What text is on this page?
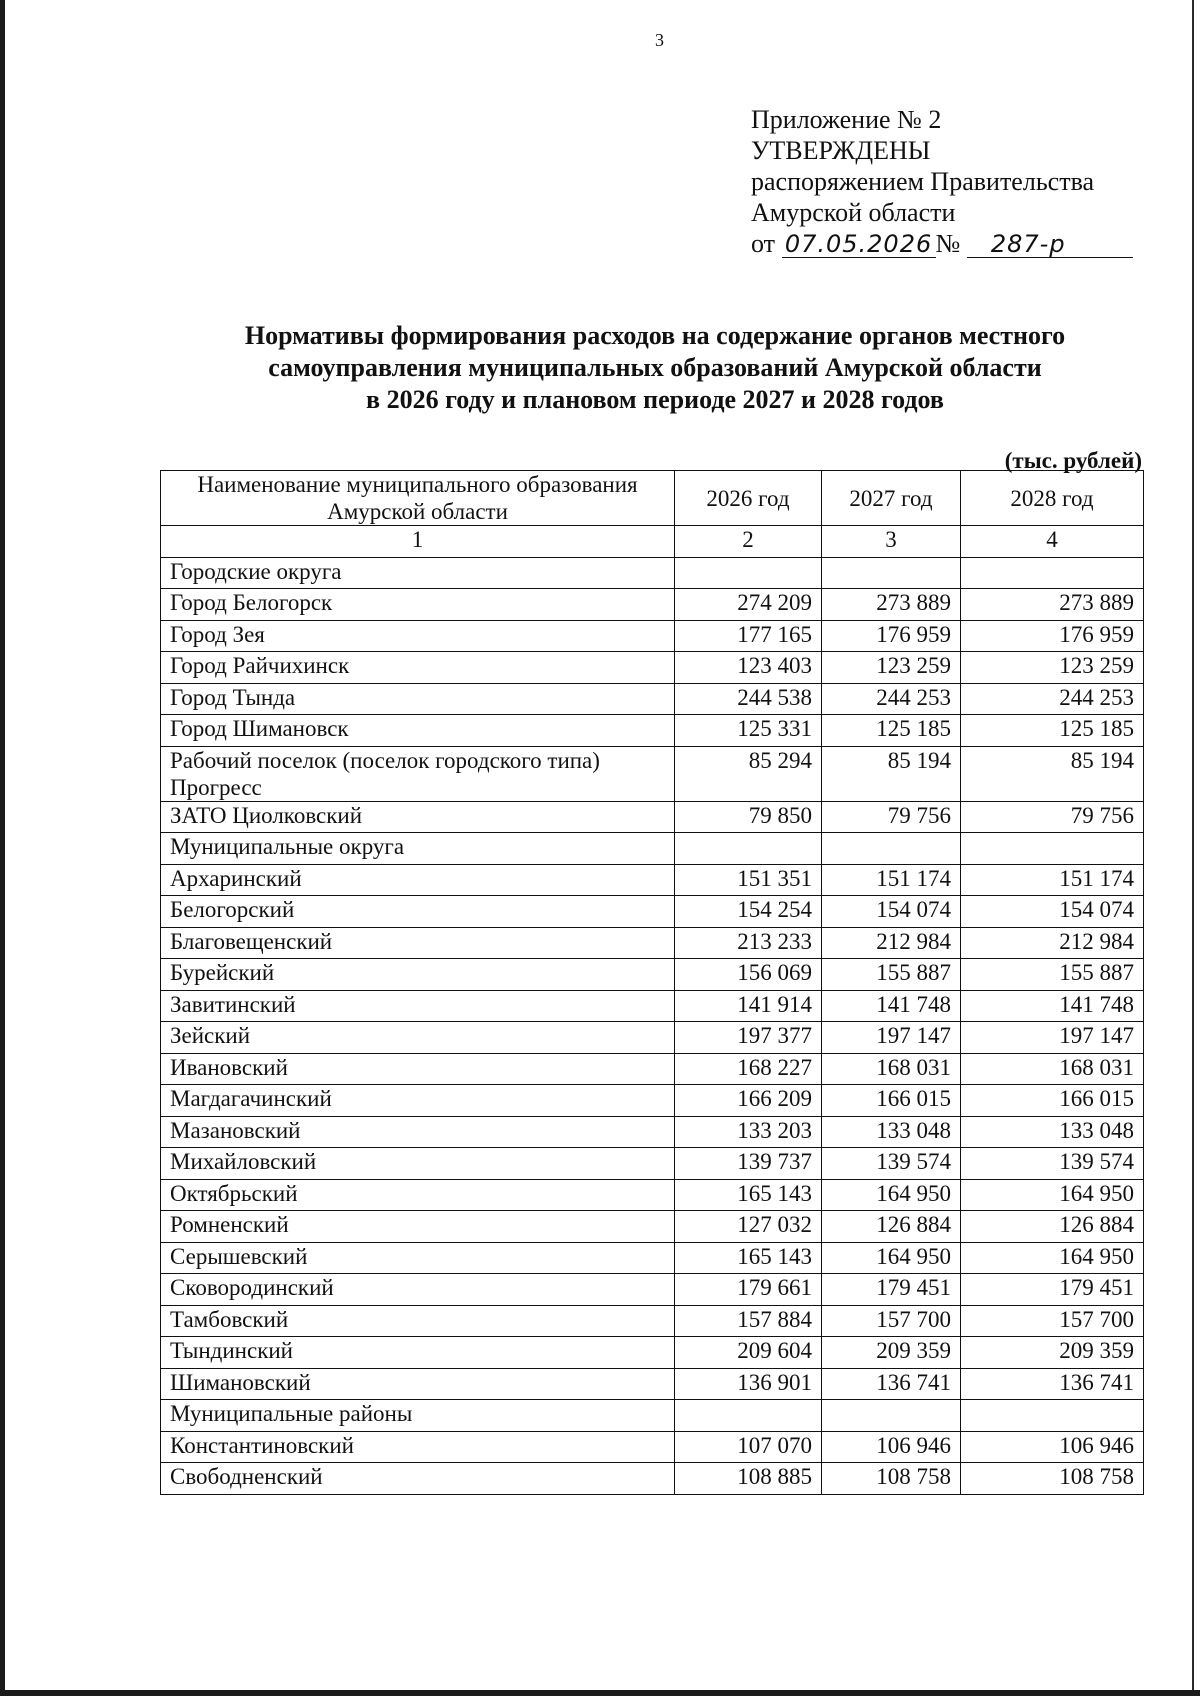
3
Приложение № 2
УТВЕРЖДЕНЫ
распоряжением Правительства
Амурской области
от 07.05.2026 № 287-р
Нормативы формирования расходов на содержание органов местного
самоуправления муниципальных образований Амурской области
в 2026 году и плановом периоде 2027 и 2028 годов
(тыс. рублей)
Наименование муниципального образования Амурской области	2026 год	2027 год	2028 год
1	2	3	4
Городские округа			
Город Белогорск	274 209	273 889	273 889
Город Зея	177 165	176 959	176 959
Город Райчихинск	123 403	123 259	123 259
Город Тында	244 538	244 253	244 253
Город Шимановск	125 331	125 185	125 185
Рабочий поселок (поселок городского типа) Прогресс	85 294	85 194	85 194
ЗАТО Циолковский	79 850	79 756	79 756
Муниципальные округа			
Архаринский	151 351	151 174	151 174
Белогорский	154 254	154 074	154 074
Благовещенский	213 233	212 984	212 984
Бурейский	156 069	155 887	155 887
Завитинский	141 914	141 748	141 748
Зейский	197 377	197 147	197 147
Ивановский	168 227	168 031	168 031
Магдагачинский	166 209	166 015	166 015
Мазановский	133 203	133 048	133 048
Михайловский	139 737	139 574	139 574
Октябрьский	165 143	164 950	164 950
Ромненский	127 032	126 884	126 884
Серышевский	165 143	164 950	164 950
Сковородинский	179 661	179 451	179 451
Тамбовский	157 884	157 700	157 700
Тындинский	209 604	209 359	209 359
Шимановский	136 901	136 741	136 741
Муниципальные районы			
Константиновский	107 070	106 946	106 946
Свободненский	108 885	108 758	108 758
